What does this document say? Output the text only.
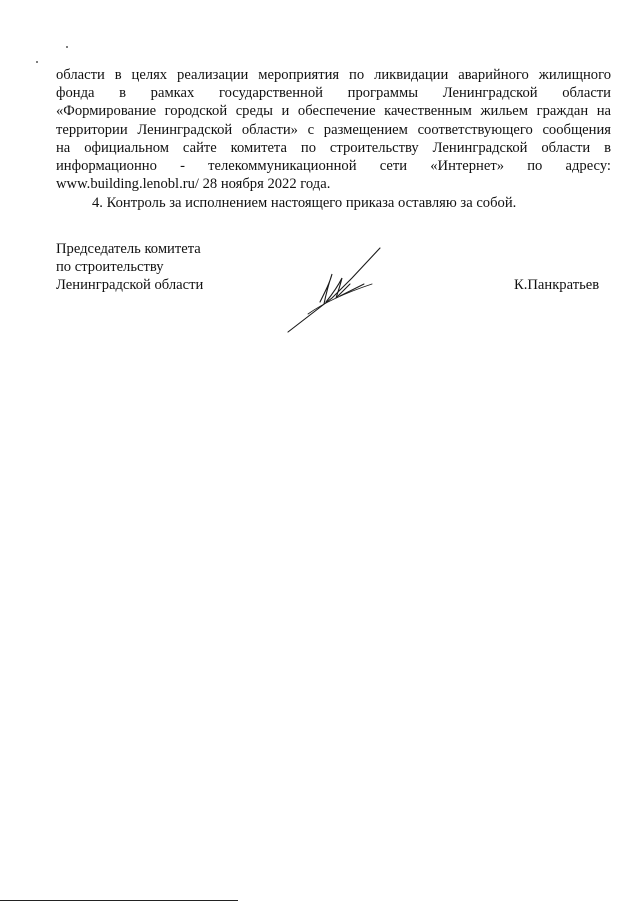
области в целях реализации мероприятия по ликвидации аварийного жилищного
фонда в рамках государственной программы Ленинградской области
«Формирование городской среды и обеспечение качественным жильем граждан на
территории Ленинградской области» с размещением соответствующего сообщения
на официальном сайте комитета по строительству Ленинградской области в
информационно - телекоммуникационной сети «Интернет» по адресу:
www.building.lenobl.ru/ 28 ноября 2022 года.
4. Контроль за исполнением настоящего приказа оставляю за собой.
Председатель комитета
по строительству
Ленинградской области	К.Панкратьев
